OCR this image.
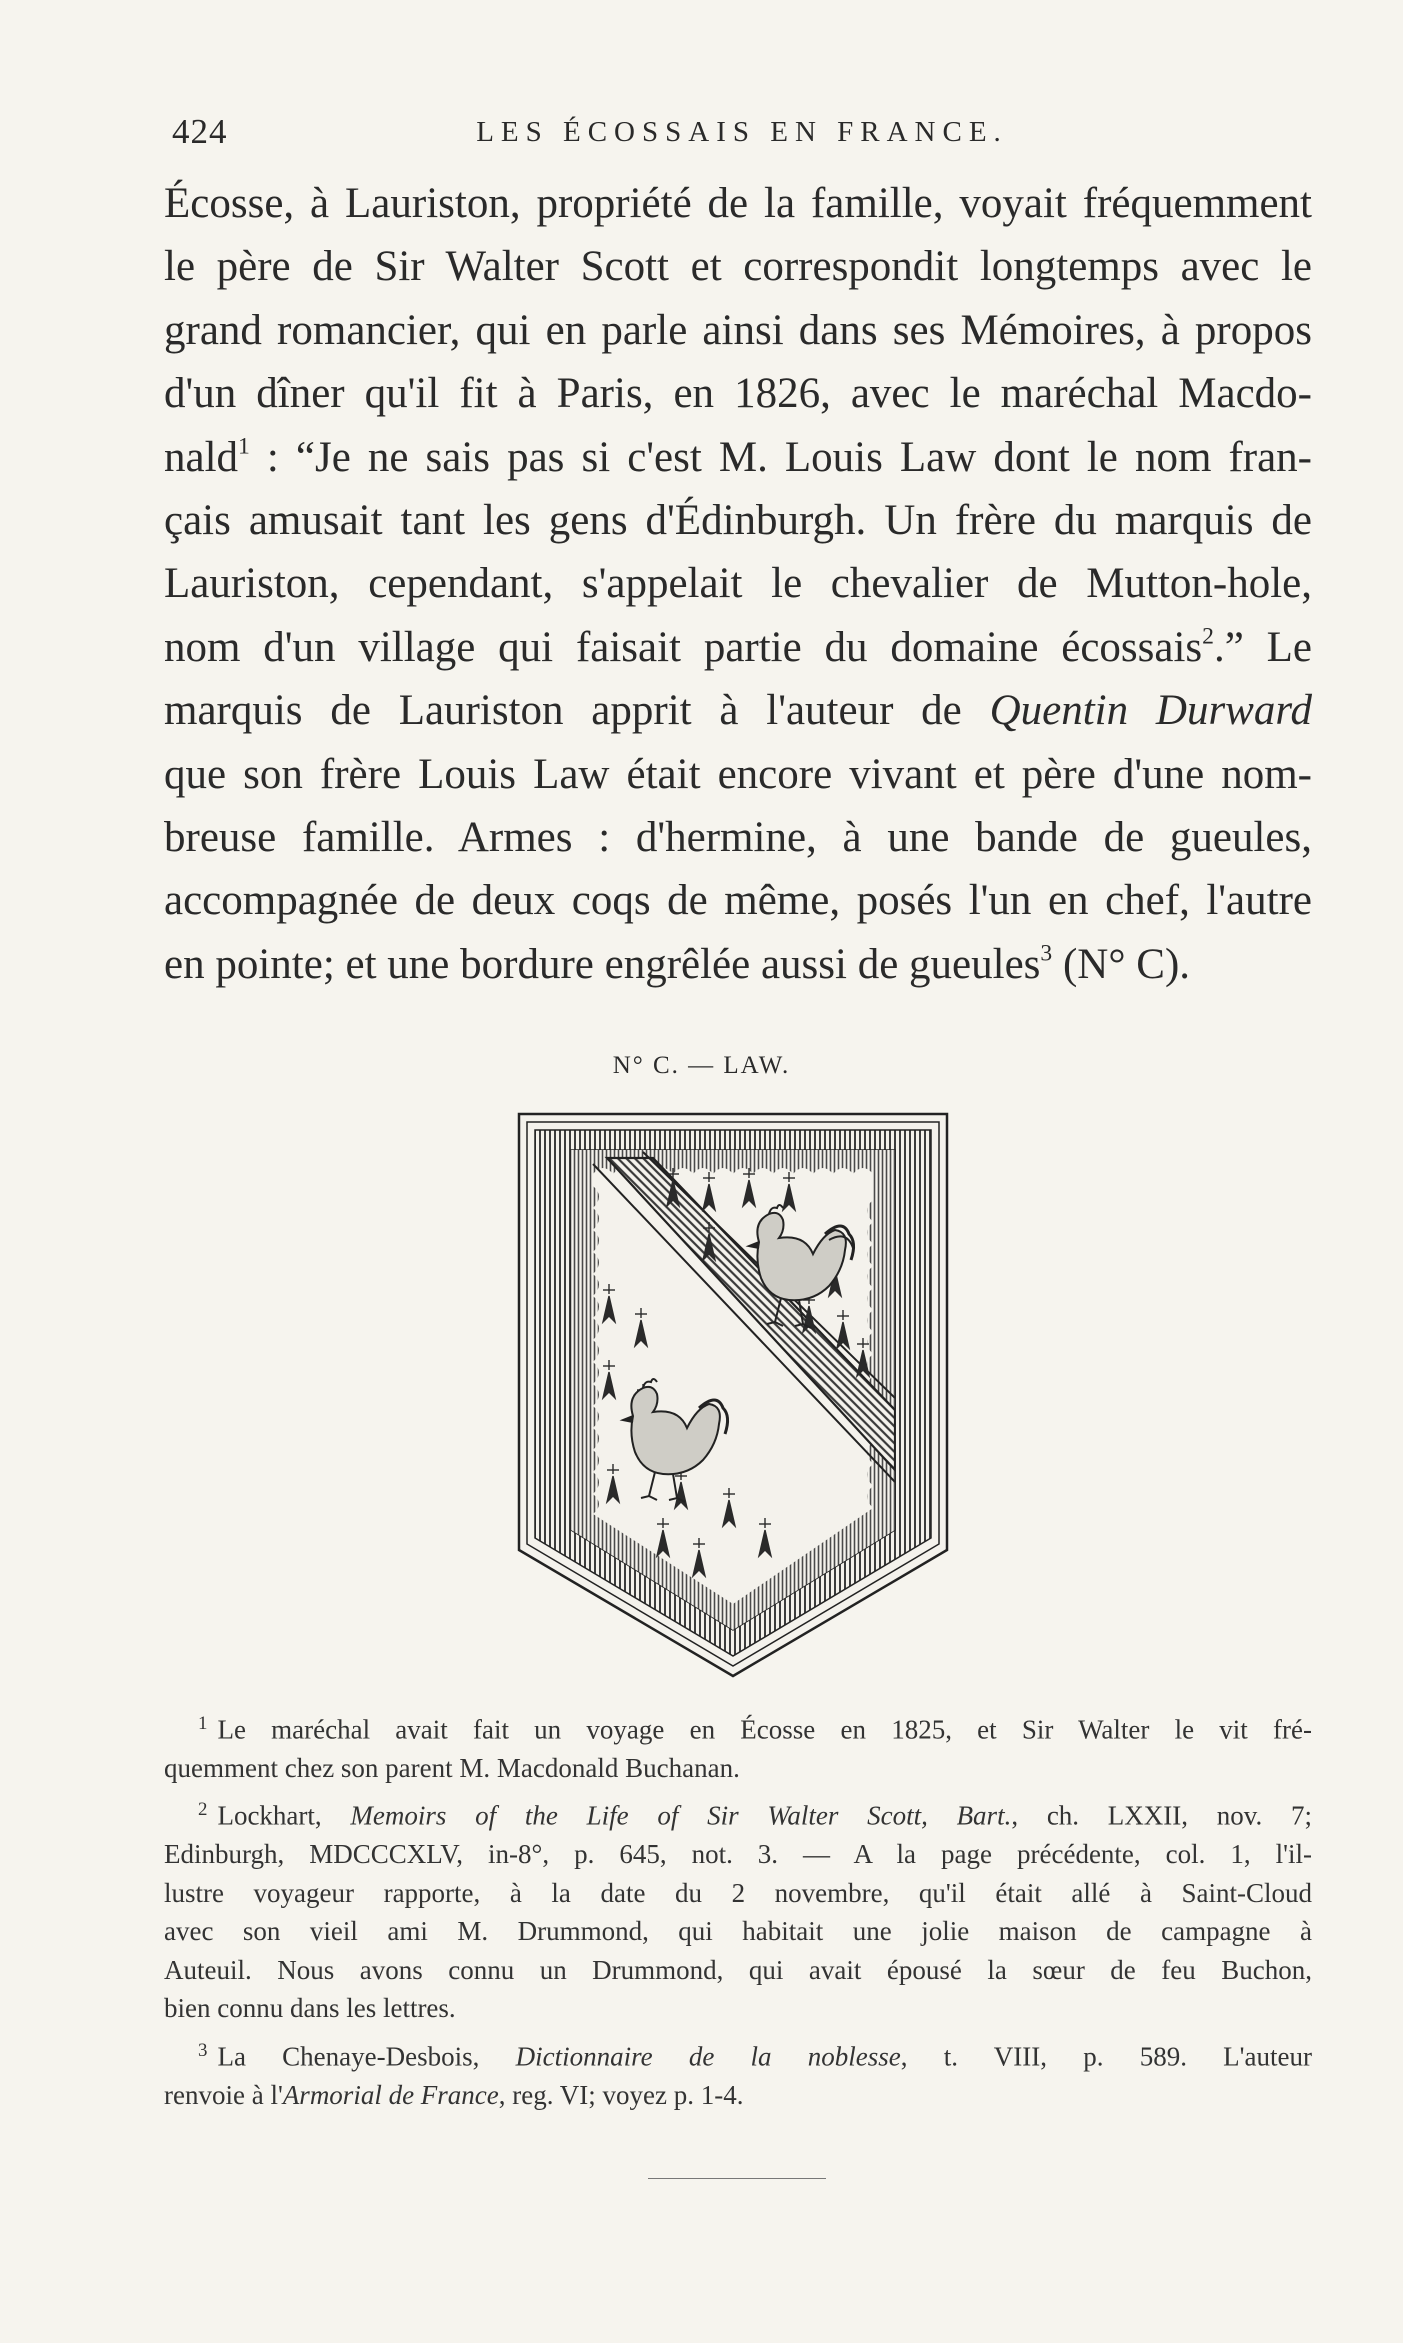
424	LES ÉCOSSAIS EN FRANCE.
Écosse, à Lauriston, propriété de la famille, voyait fréquemment
le père de Sir Walter Scott et correspondit longtemps avec le
grand romancier, qui en parle ainsi dans ses Mémoires, à propos
d'un dîner qu'il fit à Paris, en 1826, avec le maréchal Macdo-
nald$^1$ : “Je ne sais pas si c'est M. Louis Law dont le nom fran-
çais amusait tant les gens d'Édinburgh. Un frère du marquis de
Lauriston, cependant, s'appelait le chevalier de Mutton-hole,
nom d'un village qui faisait partie du domaine écossais$^2$.” Le
marquis de Lauriston apprit à l'auteur de Quentin Durward
que son frère Louis Law était encore vivant et père d'une nom-
breuse famille. Armes : d'hermine, à une bande de gueules,
accompagnée de deux coqs de même, posés l'un en chef, l'autre
en pointe; et une bordure engrêlée aussi de gueules$^3$ (N° C).
N° C. — LAW.
$^1$ Le maréchal avait fait un voyage en Écosse en 1825, et Sir Walter le vit fré-
quemment chez son parent M. Macdonald Buchanan.
$^2$ Lockhart, Memoirs of the Life of Sir Walter Scott, Bart., ch. LXXII, nov. 7;
Edinburgh, MDCCCXLV, in-8°, p. 645, not. 3. — A la page précédente, col. 1, l'il-
lustre voyageur rapporte, à la date du 2 novembre, qu'il était allé à Saint-Cloud
avec son vieil ami M. Drummond, qui habitait une jolie maison de campagne à
Auteuil. Nous avons connu un Drummond, qui avait épousé la sœur de feu Buchon,
bien connu dans les lettres.
$^3$ La Chenaye-Desbois, Dictionnaire de la noblesse, t. VIII, p. 589. L'auteur
renvoie à l'Armorial de France, reg. VI; voyez p. 1-4.
